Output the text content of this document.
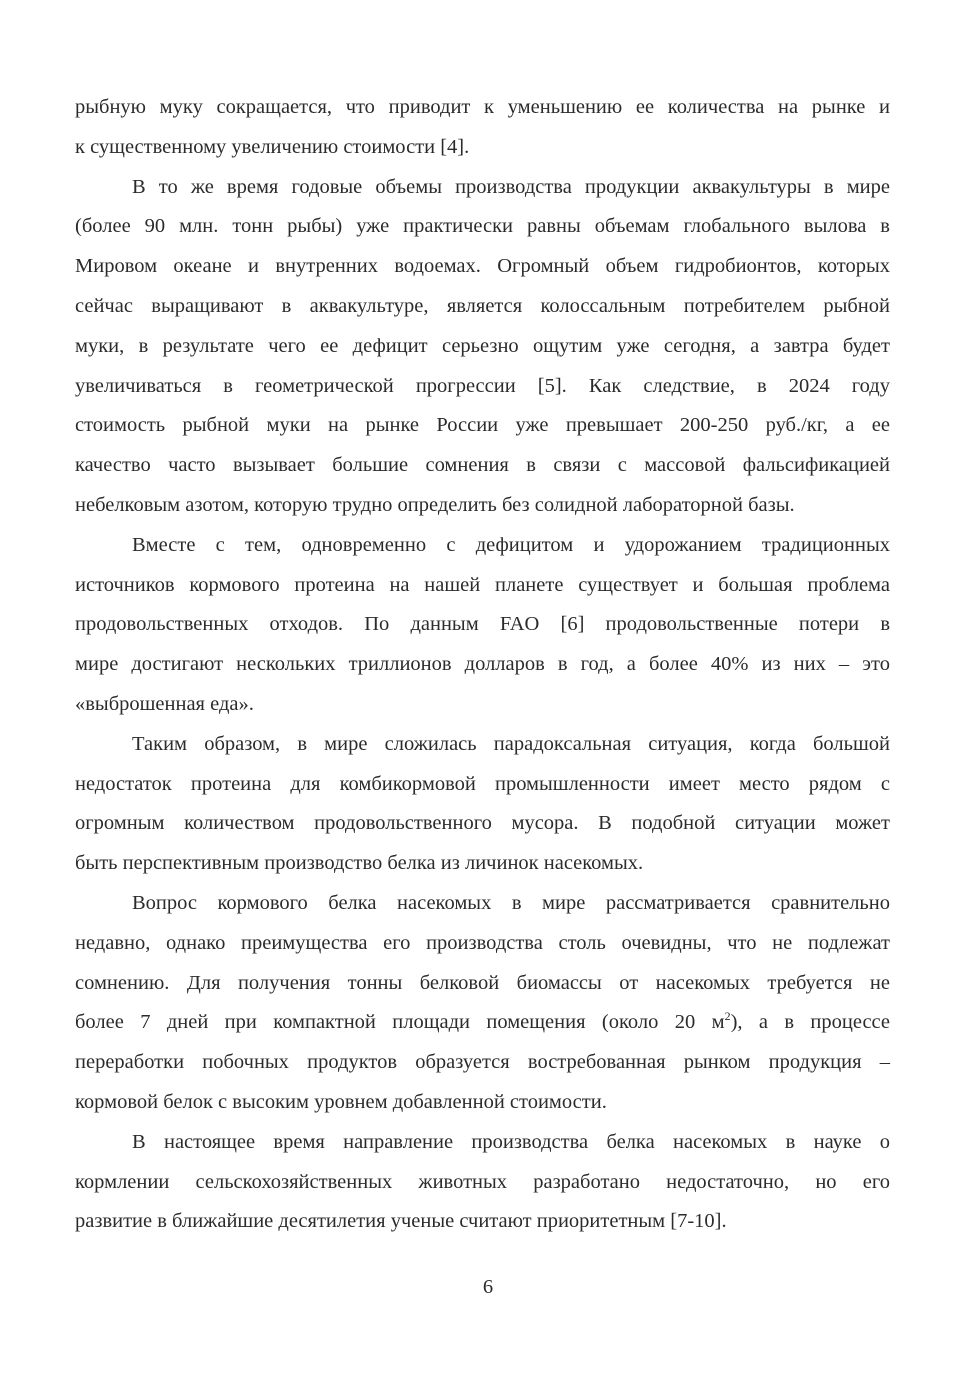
рыбную муку сокращается, что приводит к уменьшению ее количества на рынке и
к существенному увеличению стоимости [4].

В то же время годовые объемы производства продукции аквакультуры в мире
(более 90 млн. тонн рыбы) уже практически равны объемам глобального вылова в
Мировом океане и внутренних водоемах. Огромный объем гидробионтов, которых
сейчас выращивают в аквакультуре, является колоссальным потребителем рыбной
муки, в результате чего ее дефицит серьезно ощутим уже сегодня, а завтра будет
увеличиваться в геометрической прогрессии [5]. Как следствие, в 2024 году
стоимость рыбной муки на рынке России уже превышает 200-250 руб./кг, а ее
качество часто вызывает большие сомнения в связи с массовой фальсификацией
небелковым азотом, которую трудно определить без солидной лабораторной базы.

Вместе с тем, одновременно с дефицитом и удорожанием традиционных
источников кормового протеина на нашей планете существует и большая проблема
продовольственных отходов. По данным FAO [6] продовольственные потери в
мире достигают нескольких триллионов долларов в год, а более 40% из них – это
«выброшенная еда».

Таким образом, в мире сложилась парадоксальная ситуация, когда большой
недостаток протеина для комбикормовой промышленности имеет место рядом с
огромным количеством продовольственного мусора. В подобной ситуации может
быть перспективным производство белка из личинок насекомых.

Вопрос кормового белка насекомых в мире рассматривается сравнительно
недавно, однако преимущества его производства столь очевидны, что не подлежат
сомнению. Для получения тонны белковой биомассы от насекомых требуется не
более 7 дней при компактной площади помещения (около 20 $м^2$), а в процессе
переработки побочных продуктов образуется востребованная рынком продукция –
кормовой белок с высоким уровнем добавленной стоимости.

В настоящее время направление производства белка насекомых в науке о
кормлении сельскохозяйственных животных разработано недостаточно, но его
развитие в ближайшие десятилетия ученые считают приоритетным [7-10].

6
